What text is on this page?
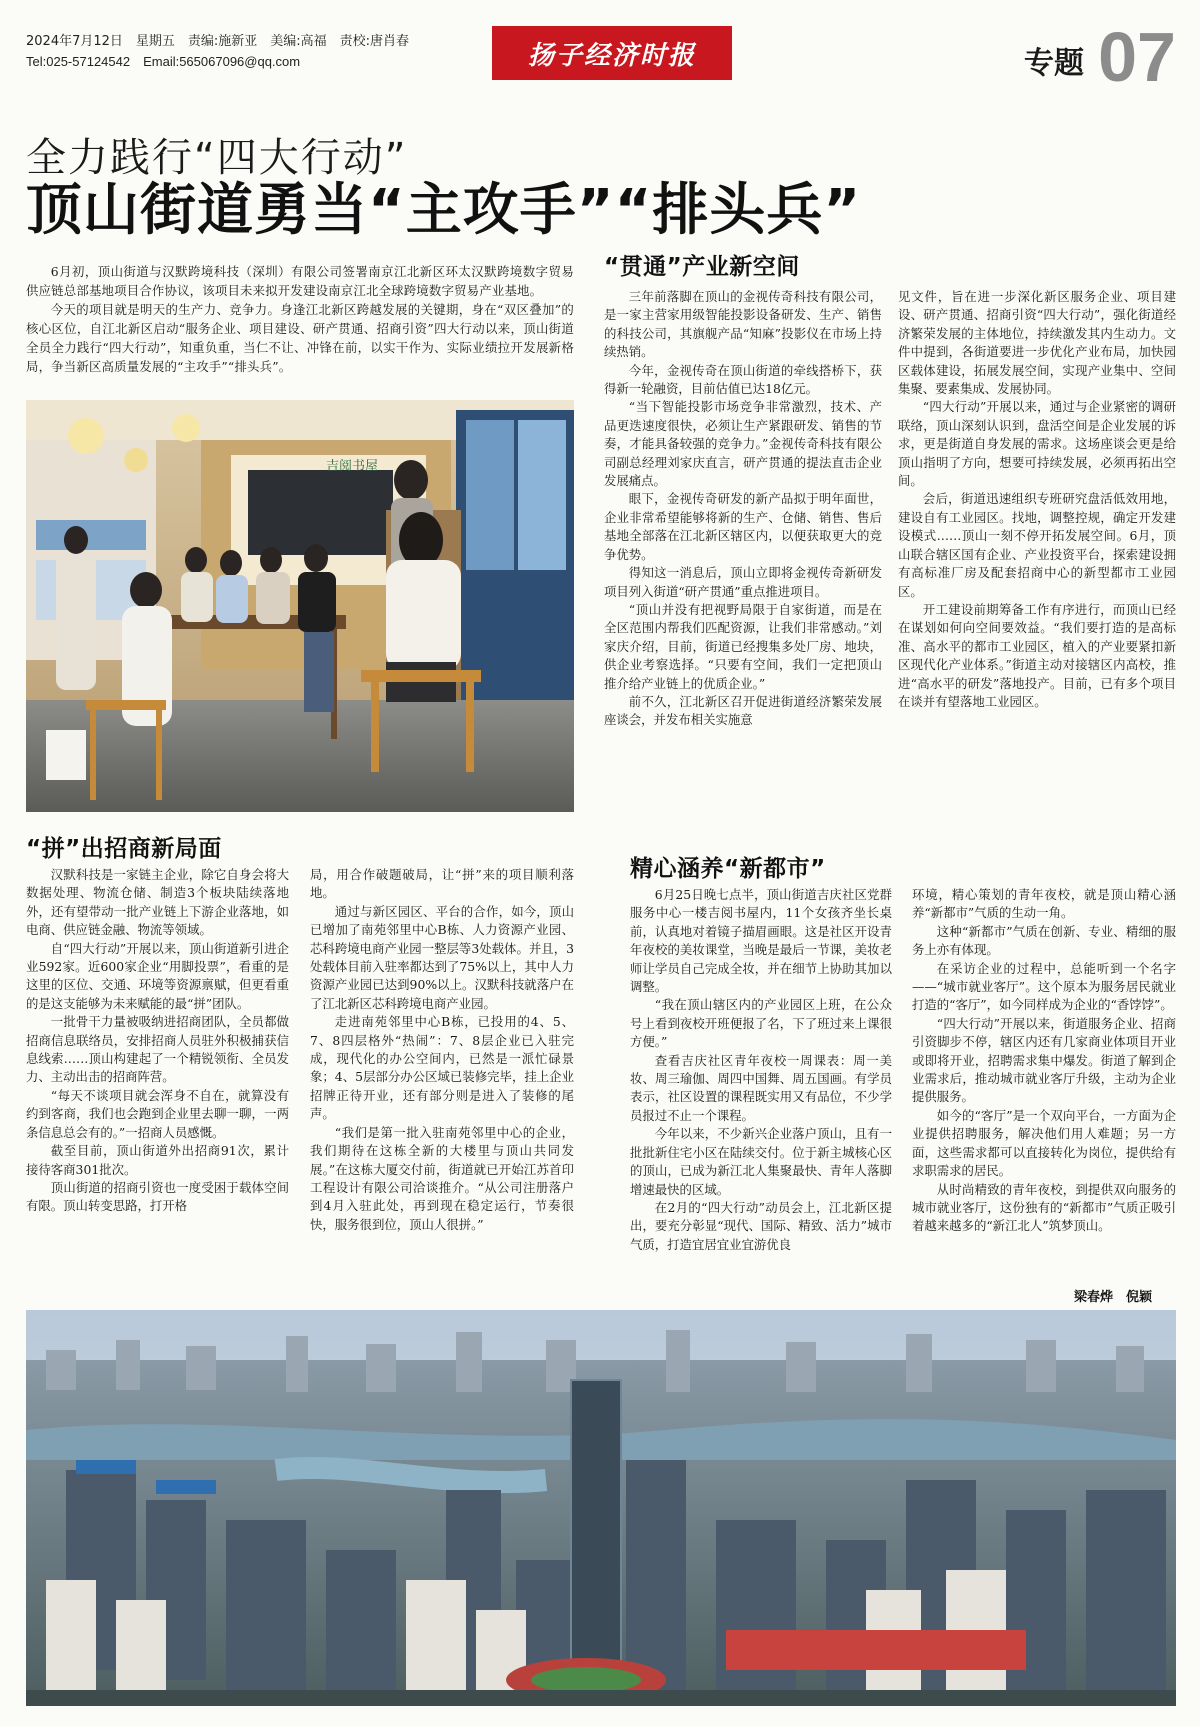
2024年7月12日　星期五　责编:施新亚　美编:高福　责校:唐肖春
Tel:025-57124542　Email:565067096@qq.com	扬子经济时报	专题 07
全力践行“四大行动”
顶山街道勇当“主攻手”“排头兵”

6月初，顶山街道与汉默跨境科技（深圳）有限公司签署南京江北新区环太汉默跨境数字贸易供应链总部基地项目合作协议，该项目未来拟开发建设南京江北全球跨境数字贸易产业基地。

今天的项目就是明天的生产力、竞争力。身逢江北新区跨越发展的关键期，身在“双区叠加”的核心区位，自江北新区启动“服务企业、项目建设、研产贯通、招商引资”四大行动以来，顶山街道全员全力践行“四大行动”，知重负重，当仁不让、冲锋在前，以实干作为、实际业绩拉开发展新格局，争当新区高质量发展的“主攻手”“排头兵”。

吉阅书屋
“贯通”产业新空间

三年前落脚在顶山的金视传奇科技有限公司，是一家主营家用级智能投影设备研发、生产、销售的科技公司，其旗舰产品“知麻”投影仪在市场上持续热销。

今年，金视传奇在顶山街道的牵线搭桥下，获得新一轮融资，目前估值已达18亿元。

“当下智能投影市场竞争非常激烈，技术、产品更迭速度很快，必须让生产紧跟研发、销售的节奏，才能具备较强的竞争力。”金视传奇科技有限公司副总经理刘家庆直言，研产贯通的提法直击企业发展痛点。

眼下，金视传奇研发的新产品拟于明年面世，企业非常希望能够将新的生产、仓储、销售、售后基地全部落在江北新区辖区内，以便获取更大的竞争优势。

得知这一消息后，顶山立即将金视传奇新研发项目列入街道“研产贯通”重点推进项目。

“顶山并没有把视野局限于自家街道，而是在全区范围内帮我们匹配资源，让我们非常感动。”刘家庆介绍，目前，街道已经搜集多处厂房、地块，供企业考察选择。“只要有空间，我们一定把顶山推介给产业链上的优质企业。”

前不久，江北新区召开促进街道经济繁荣发展座谈会，并发布相关实施意

见文件，旨在进一步深化新区服务企业、项目建设、研产贯通、招商引资“四大行动”，强化街道经济繁荣发展的主体地位，持续激发其内生动力。文件中提到，各街道要进一步优化产业布局，加快园区载体建设，拓展发展空间，实现产业集中、空间集聚、要素集成、发展协同。

“四大行动”开展以来，通过与企业紧密的调研联络，顶山深刻认识到，盘活空间是企业发展的诉求，更是街道自身发展的需求。这场座谈会更是给顶山指明了方向，想要可持续发展，必须再拓出空间。

会后，街道迅速组织专班研究盘活低效用地，建设自有工业园区。找地，调整控规，确定开发建设模式……顶山一刻不停开拓发展空间。6月，顶山联合辖区国有企业、产业投资平台，探索建设拥有高标准厂房及配套招商中心的新型都市工业园区。

开工建设前期筹备工作有序进行，而顶山已经在谋划如何向空间要效益。“我们要打造的是高标准、高水平的都市工业园区，植入的产业要紧扣新区现代化产业体系。”街道主动对接辖区内高校，推进“高水平的研发”落地投产。目前，已有多个项目在谈并有望落地工业园区。

“拼”出招商新局面

汉默科技是一家链主企业，除它自身会将大数据处理、物流仓储、制造3个板块陆续落地外，还有望带动一批产业链上下游企业落地，如电商、供应链金融、物流等领域。

自“四大行动”开展以来，顶山街道新引进企业592家。近600家企业“用脚投票”，看重的是这里的区位、交通、环境等资源禀赋，但更看重的是这支能够为未来赋能的最“拼”团队。

一批骨干力量被吸纳进招商团队，全员都做招商信息联络员，安排招商人员驻外积极捕获信息线索……顶山构建起了一个精锐领衔、全员发力、主动出击的招商阵营。

“每天不谈项目就会浑身不自在，就算没有约到客商，我们也会跑到企业里去聊一聊，一两条信息总会有的。”一招商人员感慨。

截至目前，顶山街道外出招商91次，累计接待客商301批次。

顶山街道的招商引资也一度受困于载体空间有限。顶山转变思路，打开格

局，用合作破题破局，让“拼”来的项目顺利落地。

通过与新区园区、平台的合作，如今，顶山已增加了南苑邻里中心B栋、人力资源产业园、芯科跨境电商产业园一整层等3处载体。并且，3处载体目前入驻率都达到了75%以上，其中人力资源产业园已达到90%以上。汉默科技就落户在了江北新区芯科跨境电商产业园。

走进南苑邻里中心B栋，已投用的4、5、7、8四层格外“热闹”：7、8层企业已入驻完成，现代化的办公空间内，已然是一派忙碌景象；4、5层部分办公区域已装修完毕，挂上企业招牌正待开业，还有部分则是进入了装修的尾声。

“我们是第一批入驻南苑邻里中心的企业，我们期待在这栋全新的大楼里与顶山共同发展。”在这栋大厦交付前，街道就已开始江苏首印工程设计有限公司洽谈推介。“从公司注册落户到4月入驻此处，再到现在稳定运行，节奏很快，服务很到位，顶山人很拼。”

精心涵养“新都市”

6月25日晚七点半，顶山街道吉庆社区党群服务中心一楼吉阅书屋内，11个女孩齐坐长桌前，认真地对着镜子描眉画眼。这是社区开设青年夜校的美妆课堂，当晚是最后一节课，美妆老师让学员自己完成全妆，并在细节上协助其加以调整。

“我在顶山辖区内的产业园区上班，在公众号上看到夜校开班便报了名，下了班过来上课很方便。”

查看吉庆社区青年夜校一周课表：周一美妆、周三瑜伽、周四中国舞、周五国画。有学员表示，社区设置的课程既实用又有品位，不少学员报过不止一个课程。

今年以来，不少新兴企业落户顶山，且有一批批新住宅小区在陆续交付。位于新主城核心区的顶山，已成为新江北人集聚最快、青年人落脚增速最快的区域。

在2月的“四大行动”动员会上，江北新区提出，要充分彰显“现代、国际、精致、活力”城市气质，打造宜居宜业宜游优良

环境，精心策划的青年夜校，就是顶山精心涵养“新都市”气质的生动一角。

这种“新都市”气质在创新、专业、精细的服务上亦有体现。

在采访企业的过程中，总能听到一个名字——“城市就业客厅”。这个原本为服务居民就业打造的“客厅”，如今同样成为企业的“香饽饽”。

“四大行动”开展以来，街道服务企业、招商引资脚步不停，辖区内还有几家商业体项目开业或即将开业，招聘需求集中爆发。街道了解到企业需求后，推动城市就业客厅升级，主动为企业提供服务。

如今的“客厅”是一个双向平台，一方面为企业提供招聘服务，解决他们用人难题；另一方面，这些需求都可以直接转化为岗位，提供给有求职需求的居民。

从时尚精致的青年夜校，到提供双向服务的城市就业客厅，这份独有的“新都市”气质正吸引着越来越多的“新江北人”筑梦顶山。

梁春烨　倪颖
